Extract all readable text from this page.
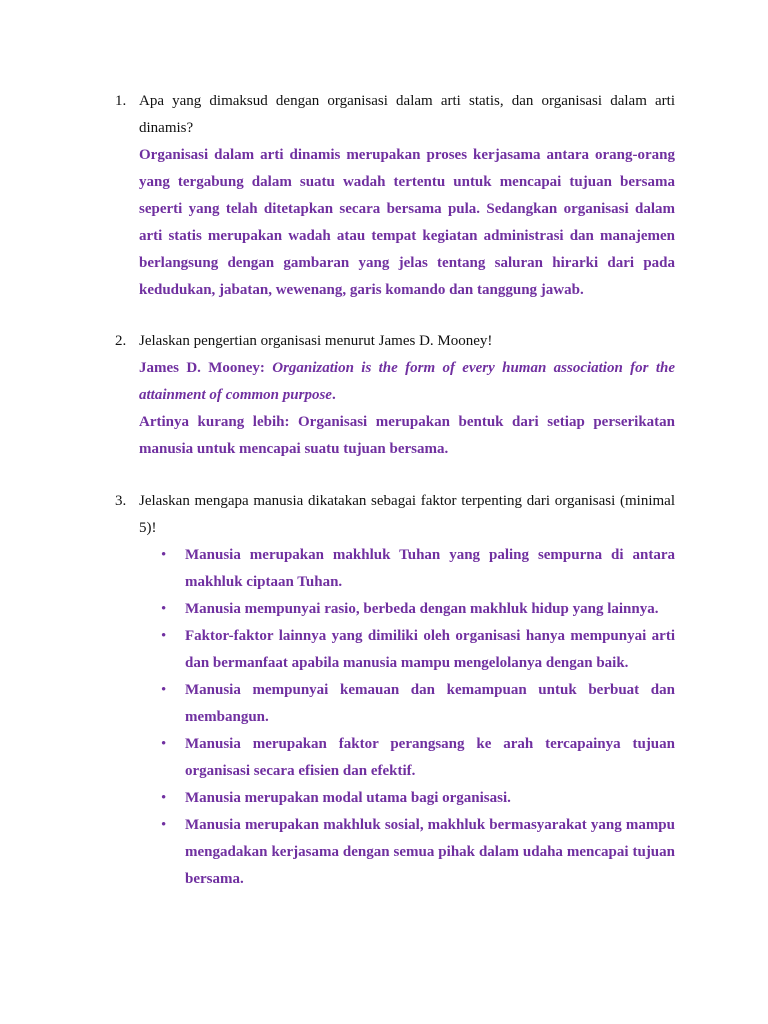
1. Apa yang dimaksud dengan organisasi dalam arti statis, dan organisasi dalam arti dinamis?
Organisasi dalam arti dinamis merupakan proses kerjasama antara orang-orang yang tergabung dalam suatu wadah tertentu untuk mencapai tujuan bersama seperti yang telah ditetapkan secara bersama pula. Sedangkan organisasi dalam arti statis merupakan wadah atau tempat kegiatan administrasi dan manajemen berlangsung dengan gambaran yang jelas tentang saluran hirarki dari pada kedudukan, jabatan, wewenang, garis komando dan tanggung jawab.
2. Jelaskan pengertian organisasi menurut James D. Mooney!
James D. Mooney: Organization is the form of every human association for the attainment of common purpose.
Artinya kurang lebih: Organisasi merupakan bentuk dari setiap perserikatan manusia untuk mencapai suatu tujuan bersama.
3. Jelaskan mengapa manusia dikatakan sebagai faktor terpenting dari organisasi (minimal 5)!
• Manusia merupakan makhluk Tuhan yang paling sempurna di antara makhluk ciptaan Tuhan.
• Manusia mempunyai rasio, berbeda dengan makhluk hidup yang lainnya.
• Faktor-faktor lainnya yang dimiliki oleh organisasi hanya mempunyai arti dan bermanfaat apabila manusia mampu mengelolanya dengan baik.
• Manusia mempunyai kemauan dan kemampuan untuk berbuat dan membangun.
• Manusia merupakan faktor perangsang ke arah tercapainya tujuan organisasi secara efisien dan efektif.
• Manusia merupakan modal utama bagi organisasi.
• Manusia merupakan makhluk sosial, makhluk bermasyarakat yang mampu mengadakan kerjasama dengan semua pihak dalam udaha mencapai tujuan bersama.
